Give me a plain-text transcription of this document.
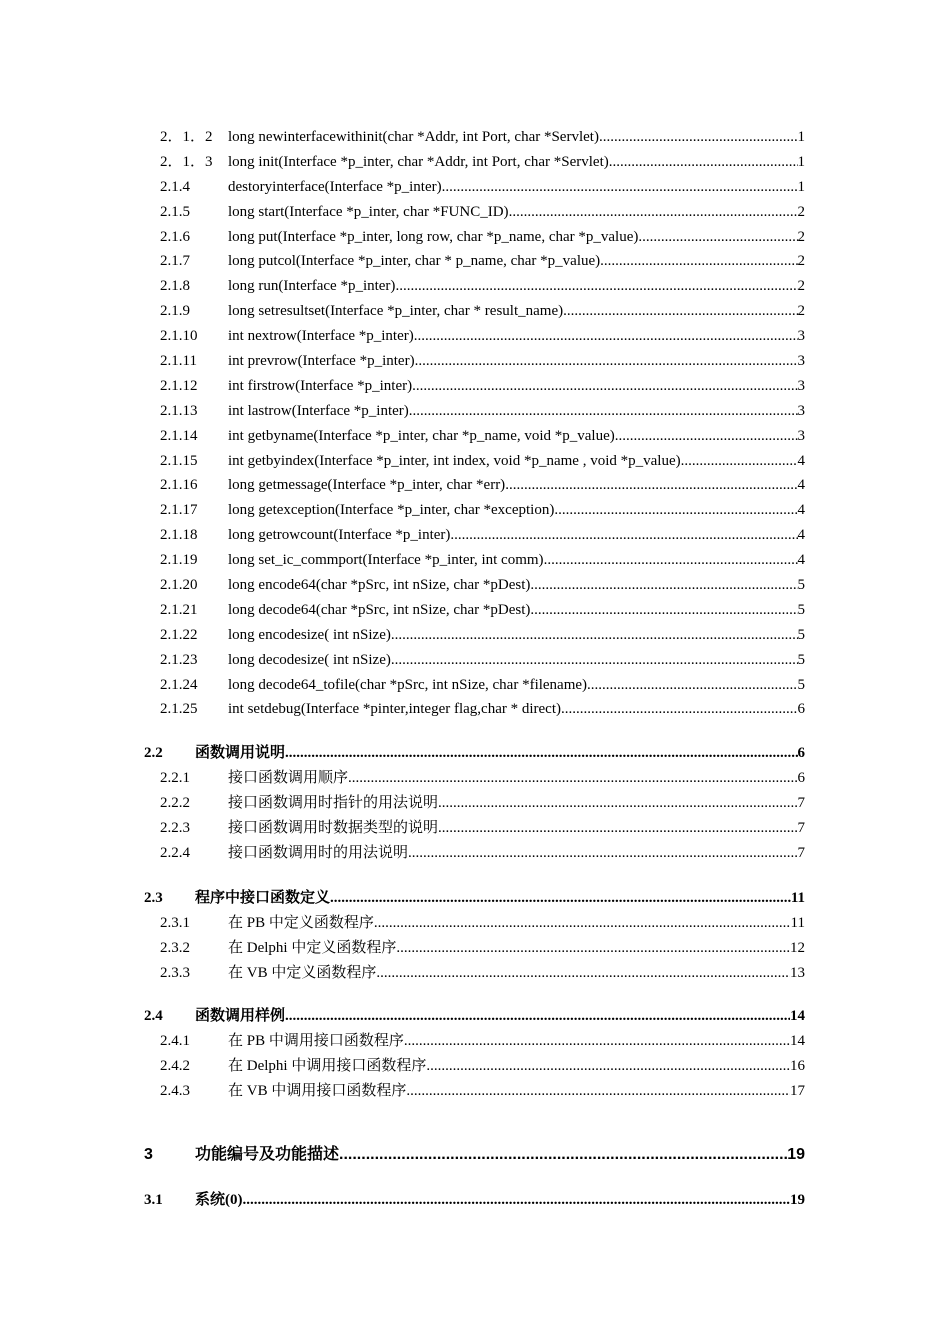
2．1．2 long newinterfacewithinit(char *Addr, int Port, char *Servlet) .....	1
2．1．3 long init(Interface *p_inter, char *Addr, int Port, char *Servlet) .....	1
2.1.4	destoryinterface(Interface *p_inter) .....	1
2.1.5	long start(Interface *p_inter, char *FUNC_ID) .....	2
2.1.6	long put(Interface *p_inter, long row, char *p_name, char *p_value) .....	2
2.1.7	long putcol(Interface *p_inter, char * p_name, char *p_value) .....	2
2.1.8	long run(Interface *p_inter) .....	2
2.1.9	long setresultset(Interface *p_inter, char * result_name) .....	2
2.1.10 int nextrow(Interface *p_inter) .....	3
2.1.11 int prevrow(Interface *p_inter) .....	3
2.1.12 int firstrow(Interface *p_inter) .....	3
2.1.13 int lastrow(Interface *p_inter) .....	3
2.1.14 int getbyname(Interface *p_inter, char *p_name, void *p_value) .....	3
2.1.15 int getbyindex(Interface *p_inter, int index, void *p_name , void *p_value) .....	4
2.1.16 long getmessage(Interface *p_inter, char *err) .....	4
2.1.17 long getexception(Interface *p_inter, char *exception) .....	4
2.1.18 long getrowcount(Interface *p_inter) .....	4
2.1.19 long set_ic_commport(Interface *p_inter, int comm) .....	4
2.1.20 long encode64(char *pSrc, int nSize, char *pDest) .....	5
2.1.21 long decode64(char *pSrc, int nSize, char *pDest) .....	5
2.1.22 long encodesize( int nSize) .....	5
2.1.23 long decodesize( int nSize) .....	5
2.1.24 long decode64_tofile(char *pSrc, int nSize, char *filename) .....	5
2.1.25 int setdebug(Interface *pinter,integer flag,char * direct) .....	6
2.2 函数调用说明 .....	6
2.2.1	接口函数调用顺序 .....	6
2.2.2	接口函数调用时指针的用法说明 .....	7
2.2.3	接口函数调用时数据类型的说明 .....	7
2.2.4	接口函数调用时的用法说明 .....	7
2.3 程序中接口函数定义 .....	11
2.3.1	在 PB 中定义函数程序 .....	11
2.3.2	在 Delphi 中定义函数程序 .....	12
2.3.3	在 VB 中定义函数程序 .....	13
2.4 函数调用样例 .....	14
2.4.1	在 PB 中调用接口函数程序 .....	14
2.4.2	在 Delphi 中调用接口函数程序 .....	16
2.4.3	在 VB 中调用接口函数程序 .....	17
3	功能编号及功能描述 .....	19
3.1 系统(0) .....	19
